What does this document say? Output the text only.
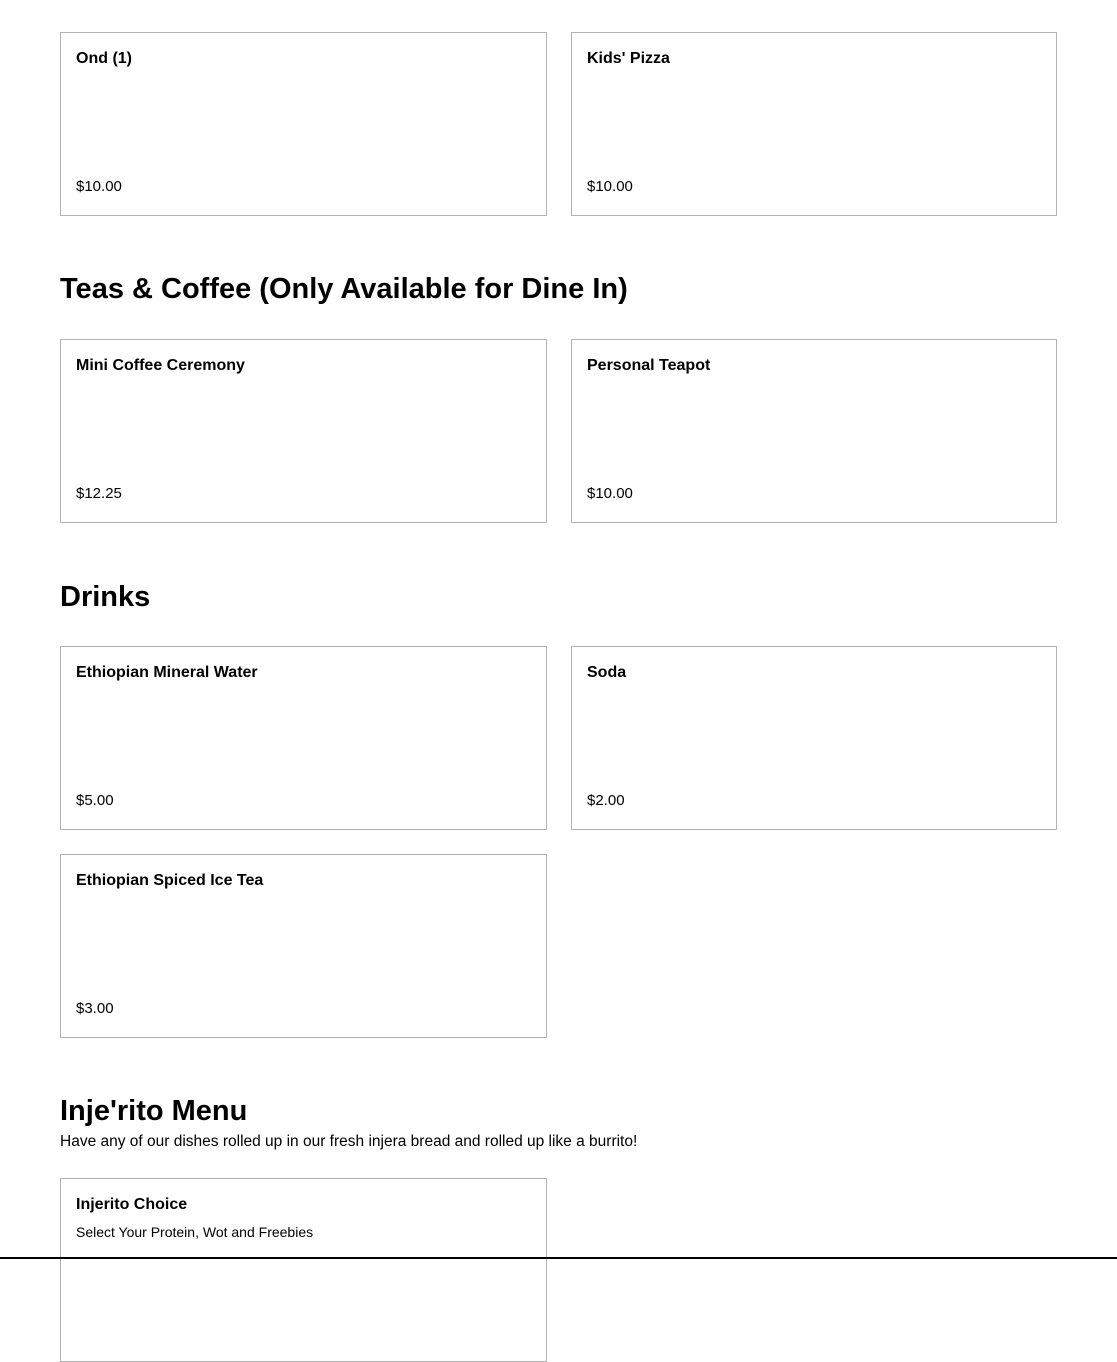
Ond (1)
$10.00
Kids' Pizza
$10.00
Teas & Coffee (Only Available for Dine In)
Mini Coffee Ceremony
$12.25
Personal Teapot
$10.00
Drinks
Ethiopian Mineral Water
$5.00
Soda
$2.00
Ethiopian Spiced Ice Tea
$3.00
Inje'rito Menu

Have any of our dishes rolled up in our fresh injera bread and rolled up like a burrito!

Injerito Choice
Select Your Protein, Wot and Freebies
